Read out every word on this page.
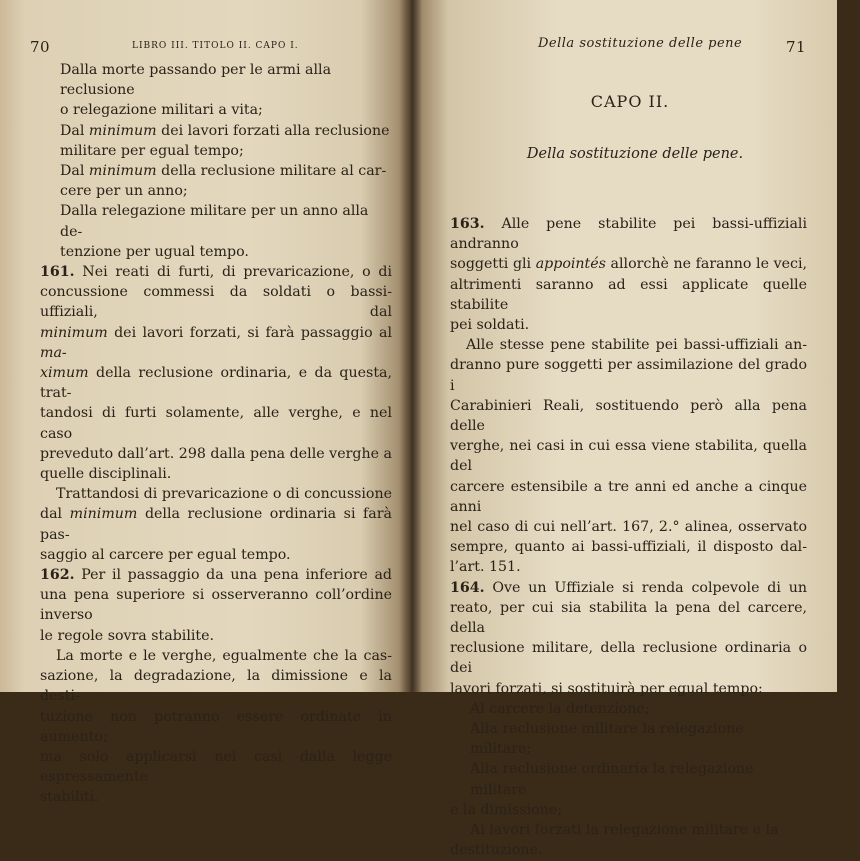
70	LIBRO III. TITOLO II. CAPO I.

Dalla morte passando per le armi alla reclusione

o relegazione militari a vita;

Dal minimum dei lavori forzati alla reclusione

militare per egual tempo;

Dal minimum della reclusione militare al car-

cere per un anno;

Dalla relegazione militare per un anno alla de-

tenzione per ugual tempo.

161. Nei reati di furti, di prevaricazione, o di

concussione commessi da soldati o bassi-uffiziali, dal

minimum dei lavori forzati, si farà passaggio al ma-

ximum della reclusione ordinaria, e da questa, trat-

tandosi di furti solamente, alle verghe, e nel caso

preveduto dall’art. 298 dalla pena delle verghe a

quelle disciplinali.

Trattandosi di prevaricazione o di concussione

dal minimum della reclusione ordinaria si farà pas-

saggio al carcere per egual tempo.

162. Per il passaggio da una pena inferiore ad

una pena superiore si osserveranno coll’ordine inverso

le regole sovra stabilite.

La morte e le verghe, egualmente che la cas-

sazione, la degradazione, la dimissione e la desti-

tuzione non potranno essere ordinate in aumento;

ma solo applicarsi nei casi dalla legge espressamente

stabiliti.

Della sostituzione delle pene	71
CAPO II.
Della sostituzione delle pene.

163. Alle pene stabilite pei bassi-uffiziali andranno

soggetti gli appointés allorchè ne faranno le veci,

altrimenti saranno ad essi applicate quelle stabilite

pei soldati.

Alle stesse pene stabilite pei bassi-uffiziali an-

dranno pure soggetti per assimilazione del grado i

Carabinieri Reali, sostituendo però alla pena delle

verghe, nei casi in cui essa viene stabilita, quella del

carcere estensibile a tre anni ed anche a cinque anni

nel caso di cui nell’art. 167, 2.° alinea, osservato

sempre, quanto ai bassi-uffiziali, il disposto dal-

l’art. 151.

164. Ove un Uffiziale si renda colpevole di un

reato, per cui sia stabilita la pena del carcere, della

reclusione militare, della reclusione ordinaria o dei

lavori forzati, si sostituirà per egual tempo:

Al carcere la detenzione;

Alla reclusione militare la relegazione militare;

Alla reclusione ordinaria la relegazione militare

e la dimissione;

Ai lavori forzati la relegazione militare e la

destituzione.
